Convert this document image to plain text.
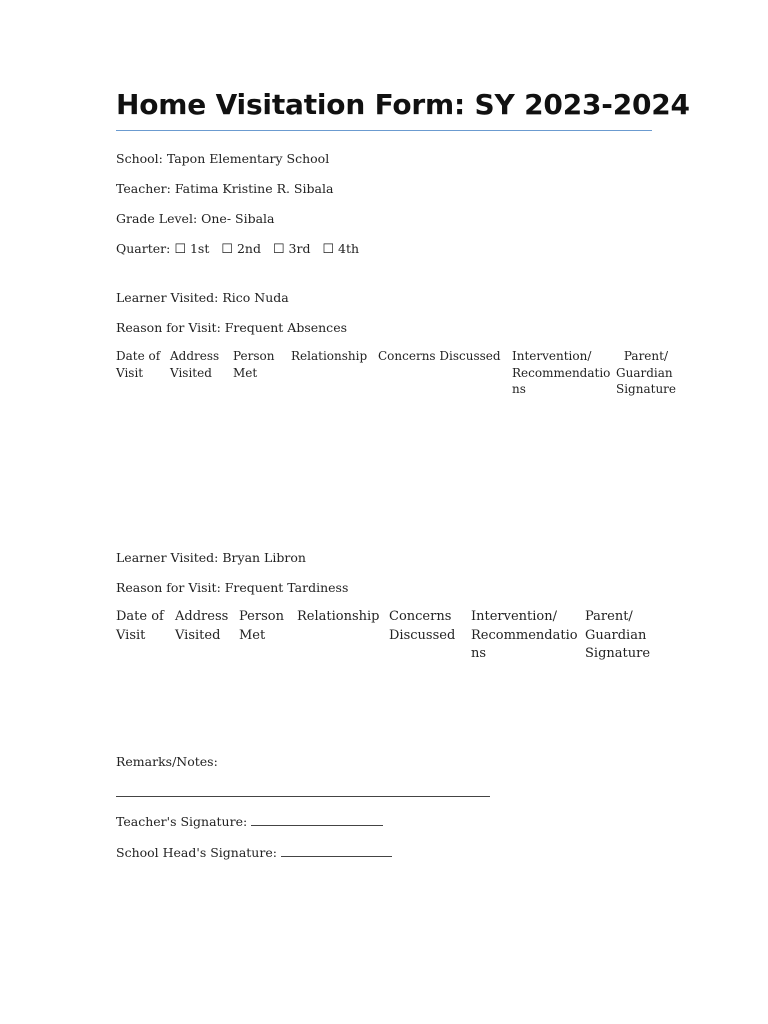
Home Visitation Form: SY 2023-2024
School: Tapon Elementary School
Teacher: Fatima Kristine R. Sibala
Grade Level: One- Sibala
Quarter: ☐ 1st ☐ 2nd ☐ 3rd ☐ 4th
Learner Visited: Rico Nuda
Reason for Visit: Frequent Absences
Date of
Visit
Address
Visited
Person
Met
Relationship Concerns Discussed Intervention/
Recommendatio
ns
Parent/
Guardian
Signature
Learner Visited: Bryan Libron
Reason for Visit: Frequent Tardiness
Date of
Visit
Address
Visited
Person
Met
Relationship Concerns
Discussed
Intervention/
Recommendatio
ns
Parent/
Guardian
Signature
Remarks/Notes:
Teacher's Signature:
School Head's Signature:
